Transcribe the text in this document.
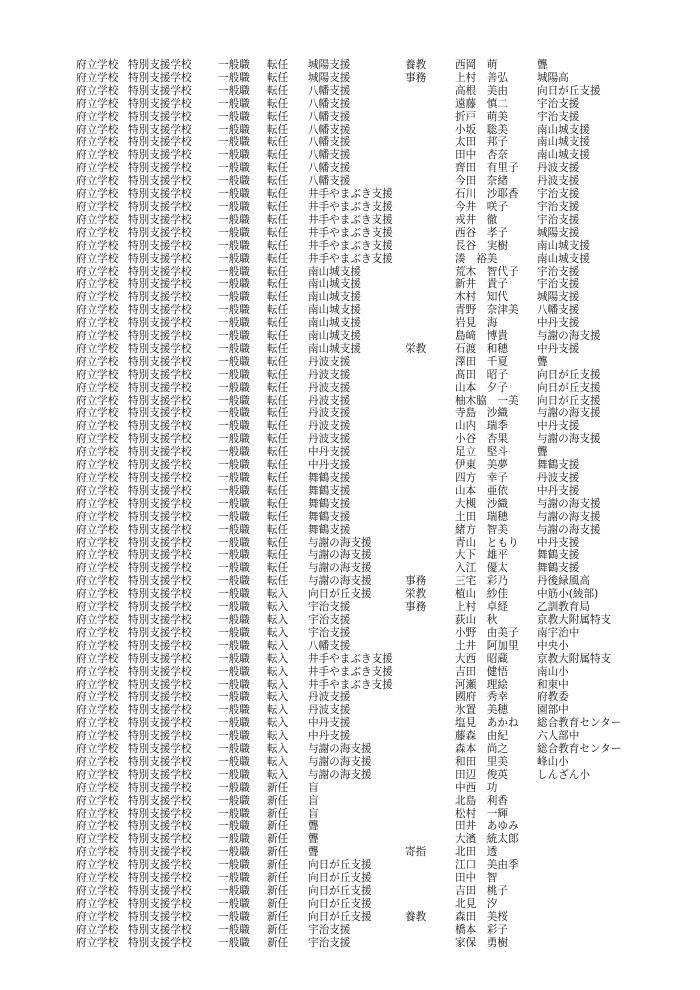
府立学校 特別支援学校 一般職 転任 城陽支援	養教	西岡　萌	聾
府立学校 特別支援学校 一般職 転任 城陽支援	事務	上村　善弘	城陽高
府立学校 特別支援学校 一般職 転任 八幡支援	高根　美由	向日が丘支援
府立学校 特別支援学校 一般職 転任 八幡支援	遠藤　慎二	宇治支援
府立学校 特別支援学校 一般職 転任 八幡支援	折戸　萌美	宇治支援
府立学校 特別支援学校 一般職 転任 八幡支援	小坂　聡美	南山城支援
府立学校 特別支援学校 一般職 転任 八幡支援	太田　邦子	南山城支援
府立学校 特別支援学校 一般職 転任 八幡支援	田中　杏奈	南山城支援
府立学校 特別支援学校 一般職 転任 八幡支援	齊田　有里子 丹波支援
府立学校 特別支援学校 一般職 転任 八幡支援	今田　奈緒	丹波支援
府立学校 特別支援学校 一般職 転任 井手やまぶき支援	石川　沙耶香 宇治支援
府立学校 特別支援学校 一般職 転任 井手やまぶき支援	今井　咲子	宇治支援
府立学校 特別支援学校 一般職 転任 井手やまぶき支援	戎井　徹	宇治支援
府立学校 特別支援学校 一般職 転任 井手やまぶき支援	西谷　孝子	城陽支援
府立学校 特別支援学校 一般職 転任 井手やまぶき支援	長谷　実樹	南山城支援
府立学校 特別支援学校 一般職 転任 井手やまぶき支援	湊　裕美	南山城支援
府立学校 特別支援学校 一般職 転任 南山城支援	荒木　智代子 宇治支援
府立学校 特別支援学校 一般職 転任 南山城支援	新井　貴子	宇治支援
府立学校 特別支援学校 一般職 転任 南山城支援	木村　知代	城陽支援
府立学校 特別支援学校 一般職 転任 南山城支援	青野　奈津美 八幡支援
府立学校 特別支援学校 一般職 転任 南山城支援	岩見　海	中丹支援
府立学校 特別支援学校 一般職 転任 南山城支援	島﨑　博貴	与謝の海支援
府立学校 特別支援学校 一般職 転任 南山城支援	栄教	石渡　和穂	中丹支援
府立学校 特別支援学校 一般職 転任 丹波支援	澤田　千夏	聾
府立学校 特別支援学校 一般職 転任 丹波支援	髙田　昭子	向日が丘支援
府立学校 特別支援学校 一般職 転任 丹波支援	山本　夕子	向日が丘支援
府立学校 特別支援学校 一般職 転任 丹波支援	柚木脇　一美 向日が丘支援
府立学校 特別支援学校 一般職 転任 丹波支援	寺島　沙織	与謝の海支援
府立学校 特別支援学校 一般職 転任 丹波支援	山内　瑞季	中丹支援
府立学校 特別支援学校 一般職 転任 丹波支援	小谷　杏果	与謝の海支援
府立学校 特別支援学校 一般職 転任 中丹支援	足立　堅斗	聾
府立学校 特別支援学校 一般職 転任 中丹支援	伊東　美夢	舞鶴支援
府立学校 特別支援学校 一般職 転任 舞鶴支援	四方　幸子	丹波支援
府立学校 特別支援学校 一般職 転任 舞鶴支援	山本　亜依	中丹支援
府立学校 特別支援学校 一般職 転任 舞鶴支援	大槻　沙織	与謝の海支援
府立学校 特別支援学校 一般職 転任 舞鶴支援	土田　瑞穂	与謝の海支援
府立学校 特別支援学校 一般職 転任 舞鶴支援	緒方　智美	与謝の海支援
府立学校 特別支援学校 一般職 転任 与謝の海支援	青山　ともり 中丹支援
府立学校 特別支援学校 一般職 転任 与謝の海支援	大下　雄平	舞鶴支援
府立学校 特別支援学校 一般職 転任 与謝の海支援	入江　優太	舞鶴支援
府立学校 特別支援学校 一般職 転任 与謝の海支援	事務	三宅　彩乃	丹後緑風高
府立学校 特別支援学校 一般職 転入 向日が丘支援	栄教	植山　紗佳	中筋小(綾部)
府立学校 特別支援学校 一般職 転入 宇治支援	事務	上村　卓経	乙訓教育局
府立学校 特別支援学校 一般職 転入 宇治支援	荻山　秋	京教大附属特支
府立学校 特別支援学校 一般職 転入 宇治支援	小野　由美子 南宇治中
府立学校 特別支援学校 一般職 転入 八幡支援	土井　阿加里 中央小
府立学校 特別支援学校 一般職 転入 井手やまぶき支援	大西　昭蔵	京教大附属特支
府立学校 特別支援学校 一般職 転入 井手やまぶき支援	吉田　健悟	南山小
府立学校 特別支援学校 一般職 転入 井手やまぶき支援	河瀬　理絵	和束中
府立学校 特別支援学校 一般職 転入 丹波支援	國府　秀幸	府教委
府立学校 特別支援学校 一般職 転入 丹波支援	氷置　美穂	園部中
府立学校 特別支援学校 一般職 転入 中丹支援	塩見　あかね 総合教育センター
府立学校 特別支援学校 一般職 転入 中丹支援	藤森　由紀	六人部中
府立学校 特別支援学校 一般職 転入 与謝の海支援	森本　尚之	総合教育センター
府立学校 特別支援学校 一般職 転入 与謝の海支援	和田　里美	峰山小
府立学校 特別支援学校 一般職 転入 与謝の海支援	田辺　俊英	しんざん小
府立学校 特別支援学校 一般職 新任 盲	中西　功
府立学校 特別支援学校 一般職 新任 盲	北島　利香
府立学校 特別支援学校 一般職 新任 盲	松村　一輝
府立学校 特別支援学校 一般職 新任 聾	田井　あゆみ
府立学校 特別支援学校 一般職 新任 聾	大濱　統太郎
府立学校 特別支援学校 一般職 新任 聾	寄指	北田　透
府立学校 特別支援学校 一般職 新任 向日が丘支援	江口　美由季
府立学校 特別支援学校 一般職 新任 向日が丘支援	田中　智
府立学校 特別支援学校 一般職 新任 向日が丘支援	吉田　桃子
府立学校 特別支援学校 一般職 新任 向日が丘支援	北見　汐
府立学校 特別支援学校 一般職 新任 向日が丘支援	養教	森田　美桜
府立学校 特別支援学校 一般職 新任 宇治支援	橋本　彩子
府立学校 特別支援学校 一般職 新任 宇治支援	家保　勇樹
